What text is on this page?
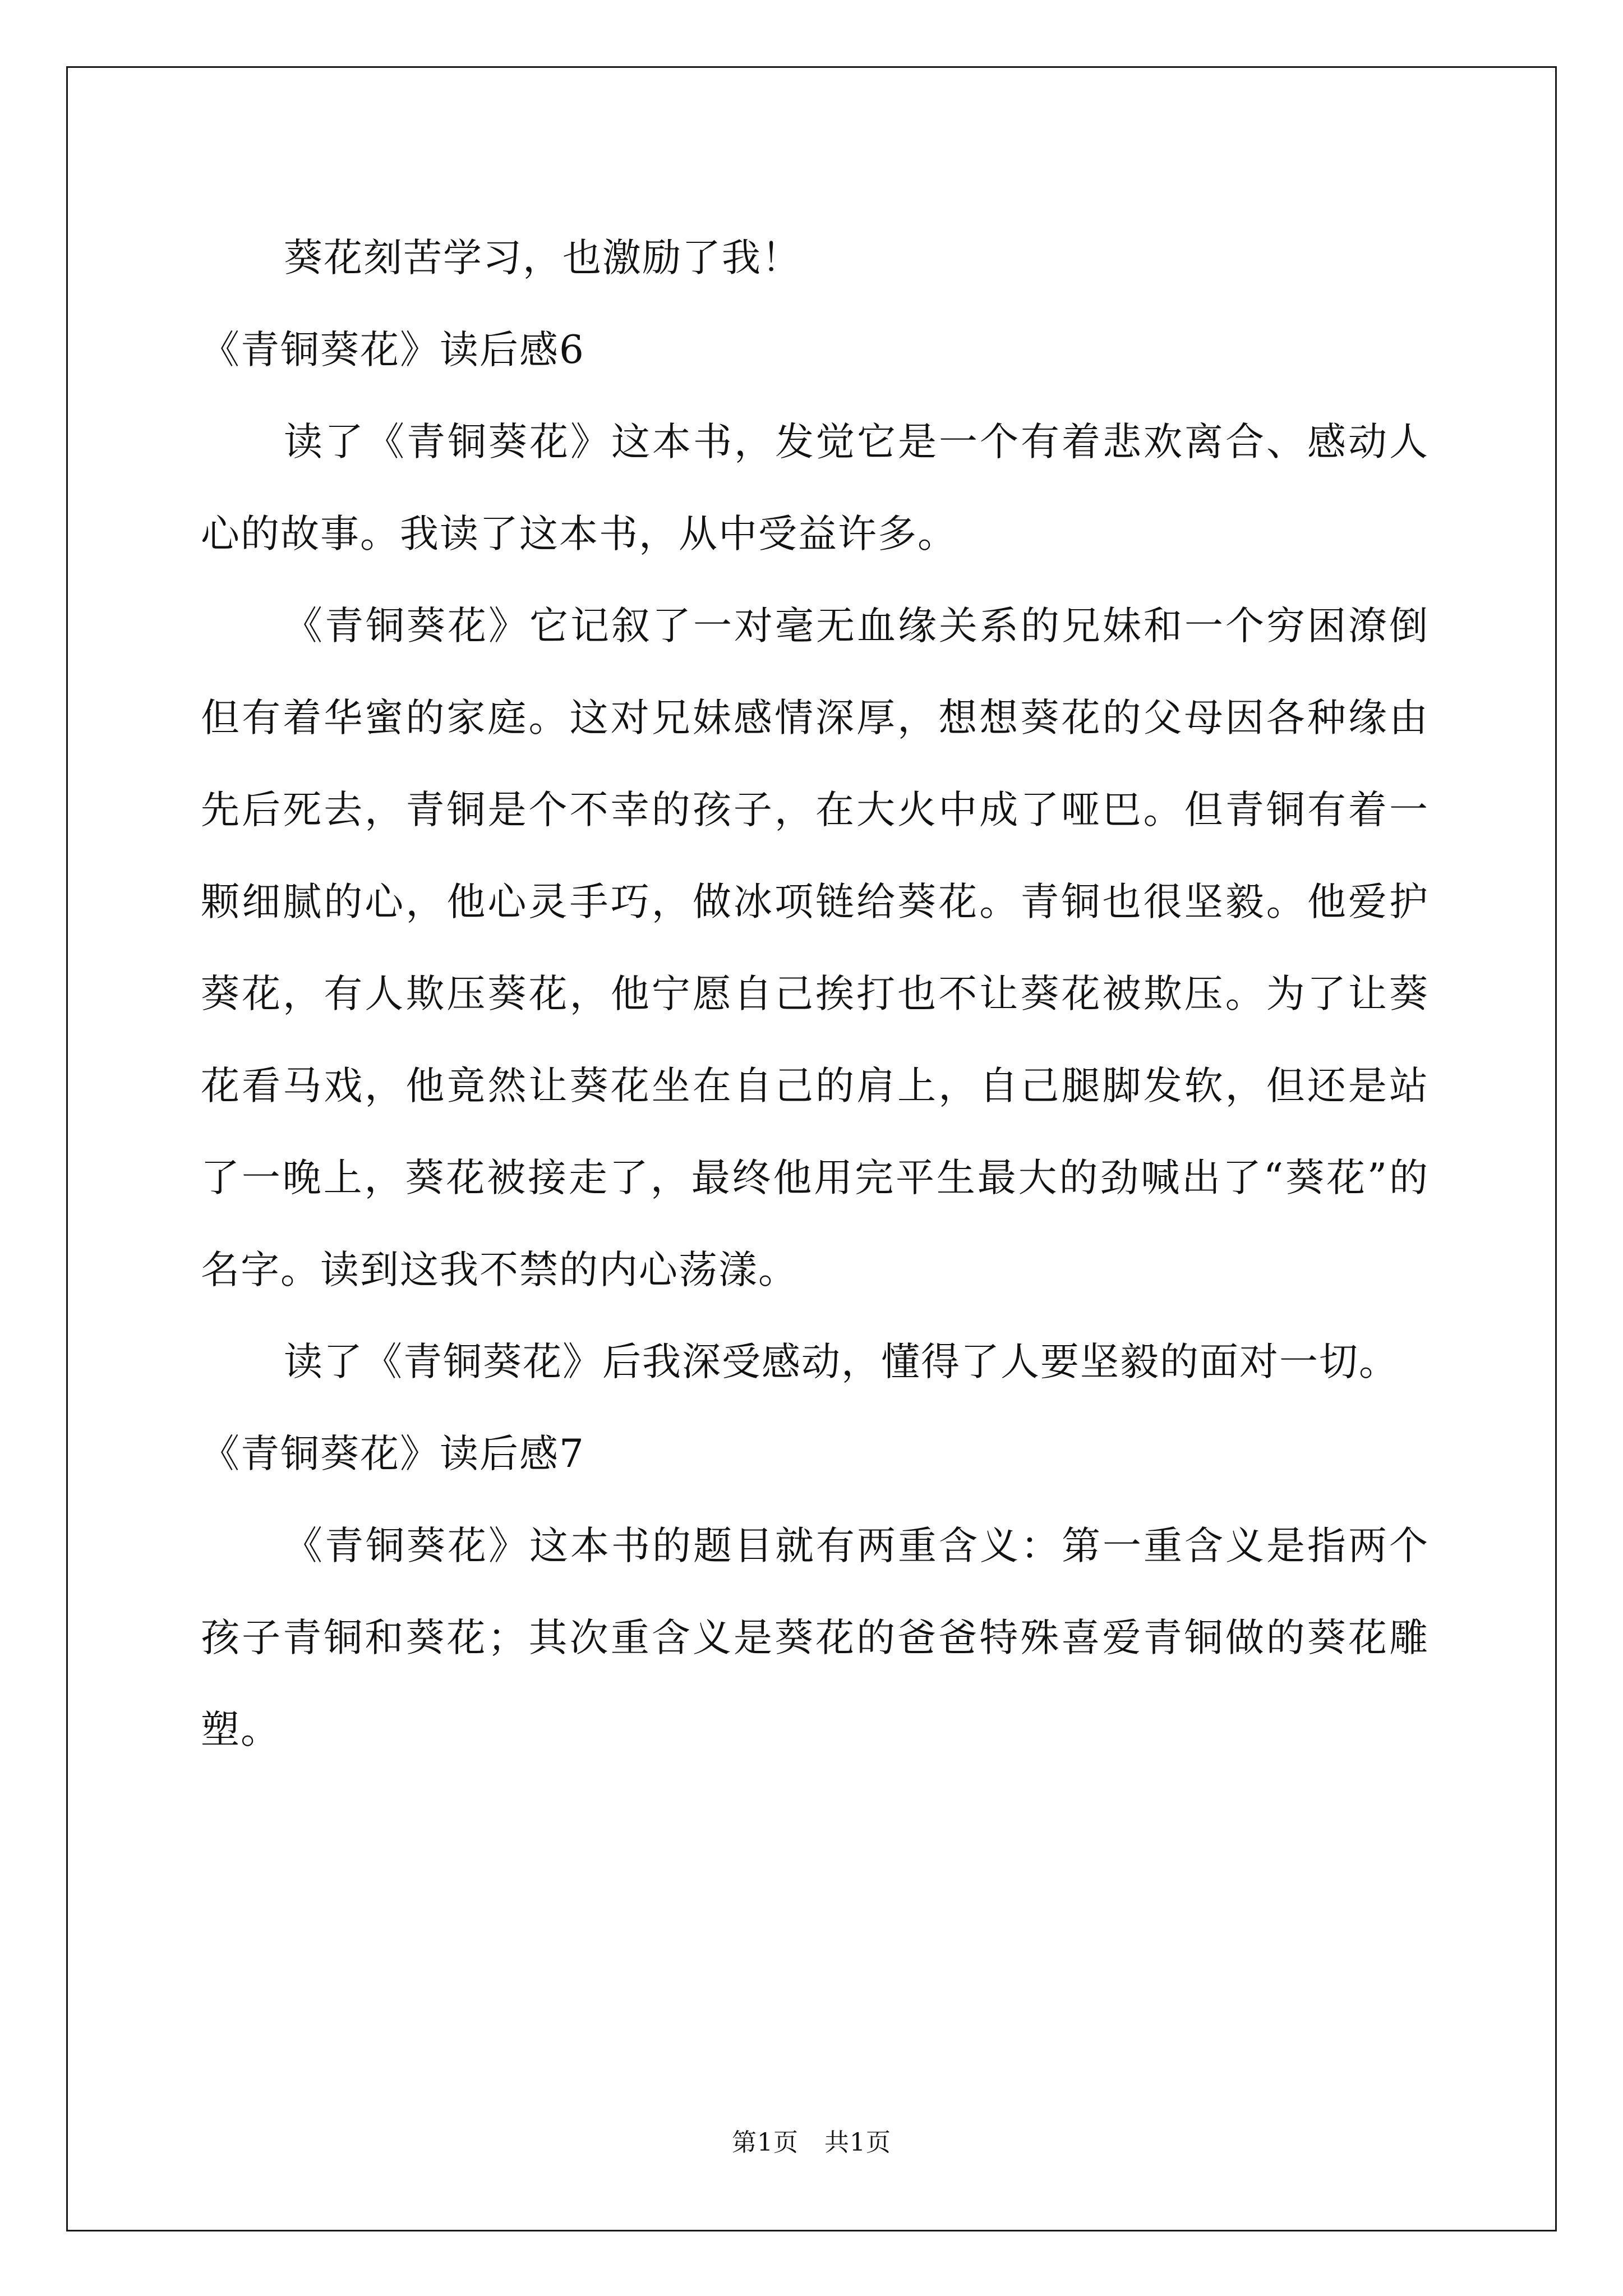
葵花刻苦学习，也激励了我！

《青铜葵花》读后感6

读了《青铜葵花》这本书，发觉它是一个有着悲欢离合、感动人心的故事。我读了这本书，从中受益许多。

《青铜葵花》它记叙了一对毫无血缘关系的兄妹和一个穷困潦倒但有着华蜜的家庭。这对兄妹感情深厚，想想葵花的父母因各种缘由先后死去，青铜是个不幸的孩子，在大火中成了哑巴。但青铜有着一颗细腻的心，他心灵手巧，做冰项链给葵花。青铜也很坚毅。他爱护葵花，有人欺压葵花，他宁愿自己挨打也不让葵花被欺压。为了让葵花看马戏，他竟然让葵花坐在自己的肩上，自己腿脚发软，但还是站了一晚上，葵花被接走了，最终他用完平生最大的劲喊出了“葵花”的名字。读到这我不禁的内心荡漾。

读了《青铜葵花》后我深受感动，懂得了人要坚毅的面对一切。

《青铜葵花》读后感7

《青铜葵花》这本书的题目就有两重含义：第一重含义是指两个孩子青铜和葵花；其次重含义是葵花的爸爸特殊喜爱青铜做的葵花雕塑。

第1页 共1页
